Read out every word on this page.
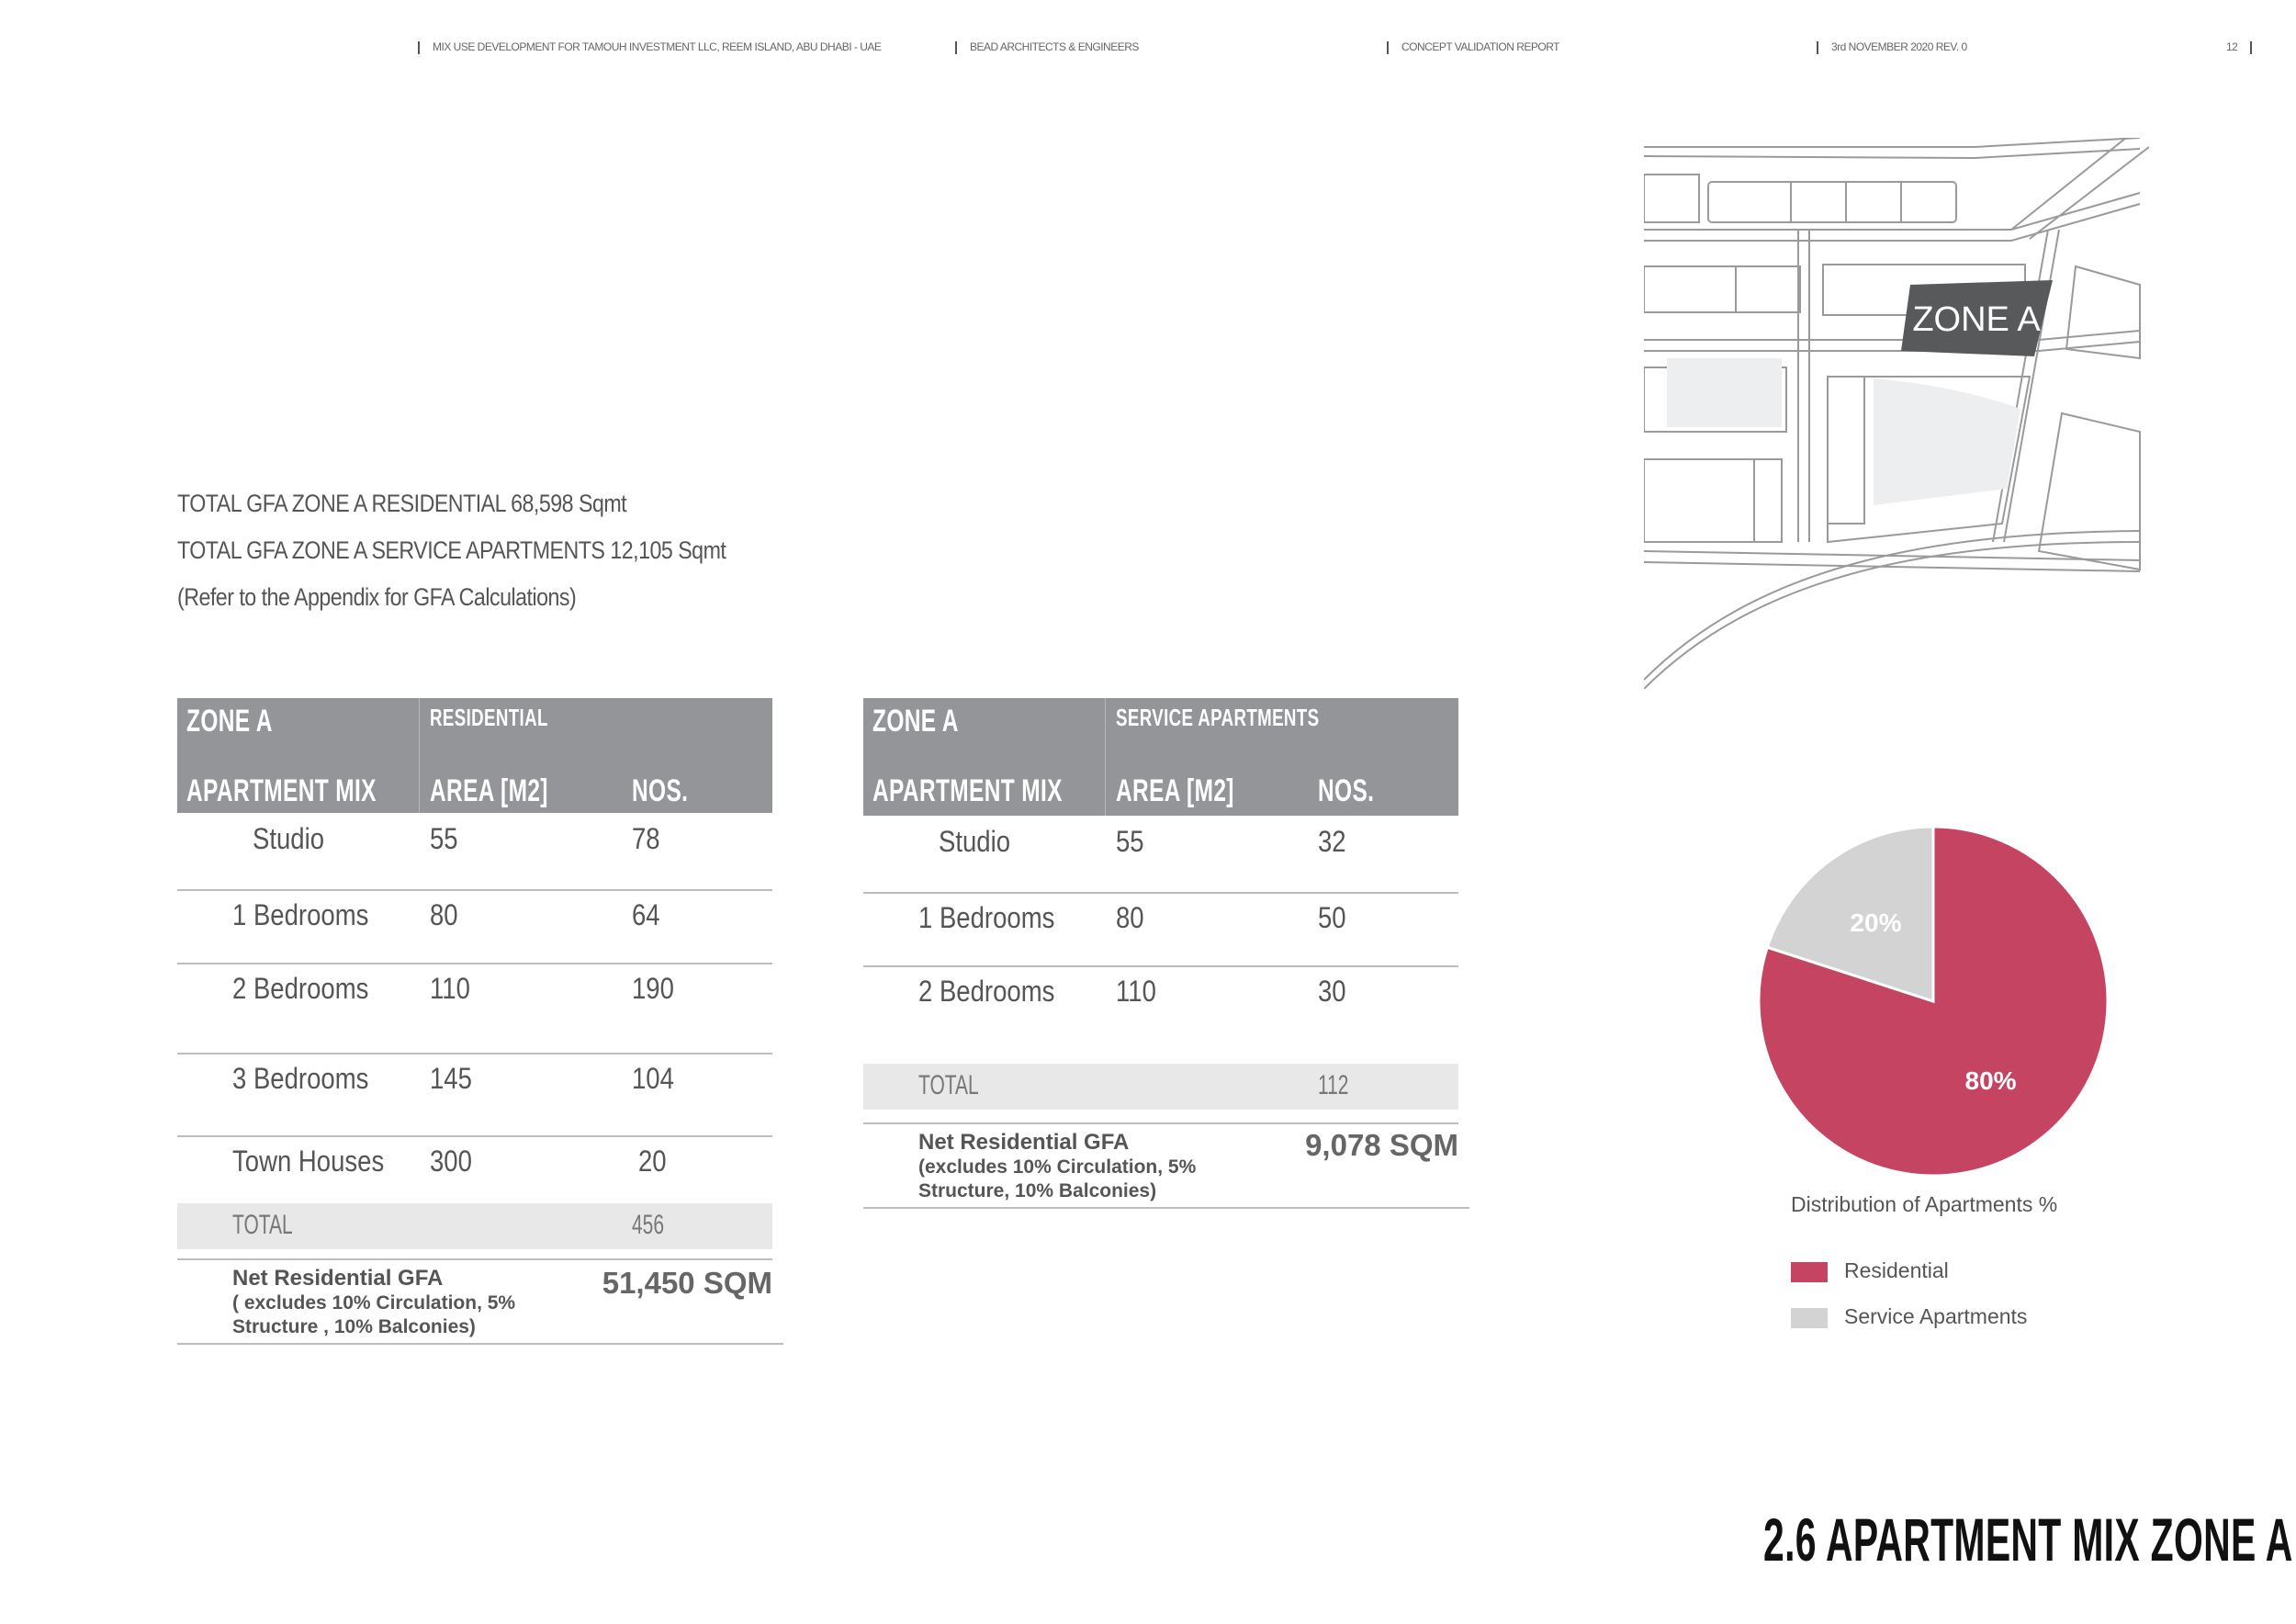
MIX USE DEVELOPMENT FOR TAMOUH INVESTMENT LLC, REEM ISLAND, ABU DHABI - UAE	BEAD ARCHITECTS & ENGINEERS	CONCEPT VALIDATION REPORT	3rd NOVEMBER 2020 REV. 0	12
TOTAL GFA ZONE A RESIDENTIAL 68,598 Sqmt
TOTAL GFA ZONE A SERVICE APARTMENTS 12,105 Sqmt
(Refer to the Appendix for GFA Calculations)
ZONE A	RESIDENTIAL
APARTMENT MIX AREA [M2]	NOS.
Studio	55	78
1 Bedrooms 80	64
2 Bedrooms 110	190
3 Bedrooms 145	104
Town Houses 300	20
TOTAL	456
Net Residential GFA
( excludes 10% Circulation, 5%
Structure , 10% Balconies)
51,450 SQM
ZONE A	SERVICE APARTMENTS
APARTMENT MIX AREA [M2]	NOS.
Studio	55	32
1 Bedrooms 80	50
2 Bedrooms 110	30
TOTAL	112
Net Residential GFA
(excludes 10% Circulation, 5%
Structure, 10% Balconies)
9,078 SQM
ZONE A
80%
20%
Distribution of Apartments %
Residential
Service Apartments
2.6 APARTMENT MIX ZONE A
